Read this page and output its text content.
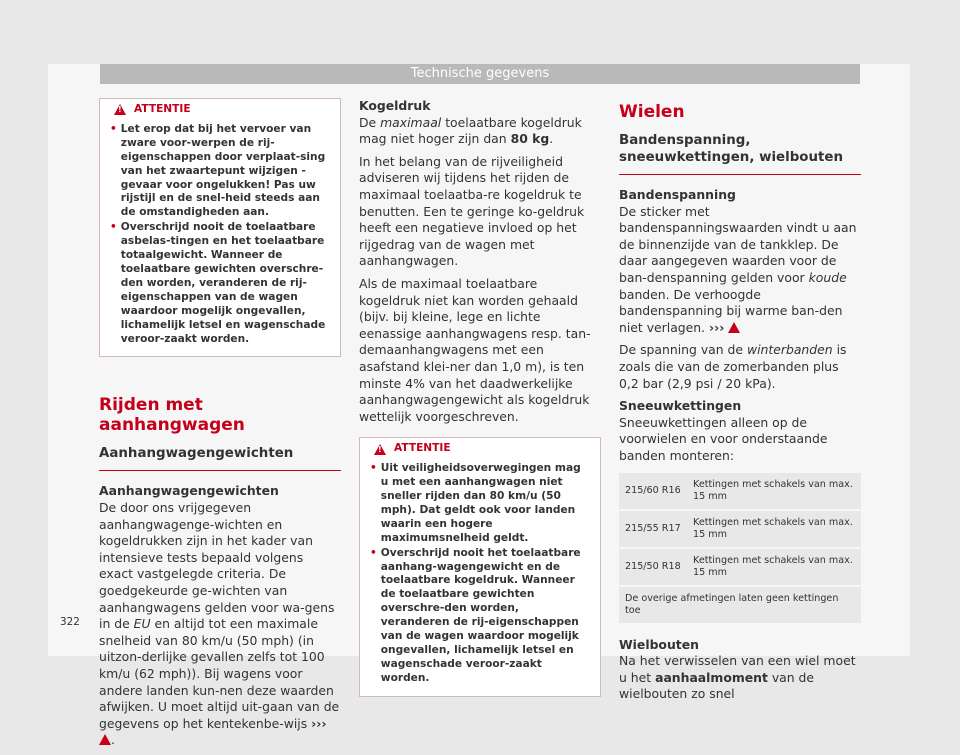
Technische gegevens
!
ATTENTIE
• Let erop dat bij het vervoer van zware voor-werpen de rij-eigenschappen door verplaat-sing van het zwaartepunt wijzigen - gevaar voor ongelukken! Pas uw rijstijl en de snel-heid steeds aan de omstandigheden aan.
• Overschrijd nooit de toelaatbare asbelas-tingen en het toelaatbare totaalgewicht. Wanneer de toelaatbare gewichten overschre-den worden, veranderen de rij-eigenschappen van de wagen waardoor mogelijk ongevallen, lichamelijk letsel en wagenschade veroor-zaakt worden.
Rijden met aanhangwagen
Aanhangwagengewichten
Aanhangwagengewichten

De door ons vrijgegeven aanhangwagenge-wichten en kogeldrukken zijn in het kader van intensieve tests bepaald volgens exact vastgelegde criteria. De goedgekeurde ge-wichten van aanhangwagens gelden voor wa-gens in de EU en altijd tot een maximale snelheid van 80 km/u (50 mph) (in uitzon-derlijke gevallen zelfs tot 100 km/u (62 mph)). Bij wagens voor andere landen kun-nen deze waarden afwijken. U moet altijd uit-gaan van de gegevens op het kentekenbe-wijs ››› .

Kogeldruk

De maximaal toelaatbare kogeldruk mag niet hoger zijn dan 80 kg.

In het belang van de rijveiligheid adviseren wij tijdens het rijden de maximaal toelaatba-re kogeldruk te benutten. Een te geringe ko-geldruk heeft een negatieve invloed op het rijgedrag van de wagen met aanhangwagen.

Als de maximaal toelaatbare kogeldruk niet kan worden gehaald (bijv. bij kleine, lege en lichte eenassige aanhangwagens resp. tan-demaanhangwagens met een asafstand klei-ner dan 1,0 m), is ten minste 4% van het daadwerkelijke aanhangwagengewicht als kogeldruk wettelijk voorgeschreven.

!
ATTENTIE
• Uit veiligheidsoverwegingen mag u met een aanhangwagen niet sneller rijden dan 80 km/u (50 mph). Dat geldt ook voor landen waarin een hogere maximumsnelheid geldt.
• Overschrijd nooit het toelaatbare aanhang-wagengewicht en de toelaatbare kogeldruk. Wanneer de toelaatbare gewichten overschre-den worden, veranderen de rij-eigenschappen van de wagen waardoor mogelijk ongevallen, lichamelijk letsel en wagenschade veroor-zaakt worden.
Wielen
Bandenspanning, sneeuwkettingen, wielbouten
Bandenspanning

De sticker met bandenspanningswaarden vindt u aan de binnenzijde van de tankklep. De daar aangegeven waarden voor de ban-denspanning gelden voor koude banden. De verhoogde bandenspanning bij warme ban-den niet verlagen. ›››

De spanning van de winterbanden is zoals die van de zomerbanden plus 0,2 bar (2,9 psi / 20 kPa).

Sneeuwkettingen

Sneeuwkettingen alleen op de voorwielen en voor onderstaande banden monteren:

215/60 R16	Kettingen met schakels van max. 15 mm
215/55 R17	Kettingen met schakels van max. 15 mm
215/50 R18	Kettingen met schakels van max. 15 mm
De overige afmetingen laten geen kettingen toe	
Wielbouten

Na het verwisselen van een wiel moet u het aanhaalmoment van de wielbouten zo snel

322
